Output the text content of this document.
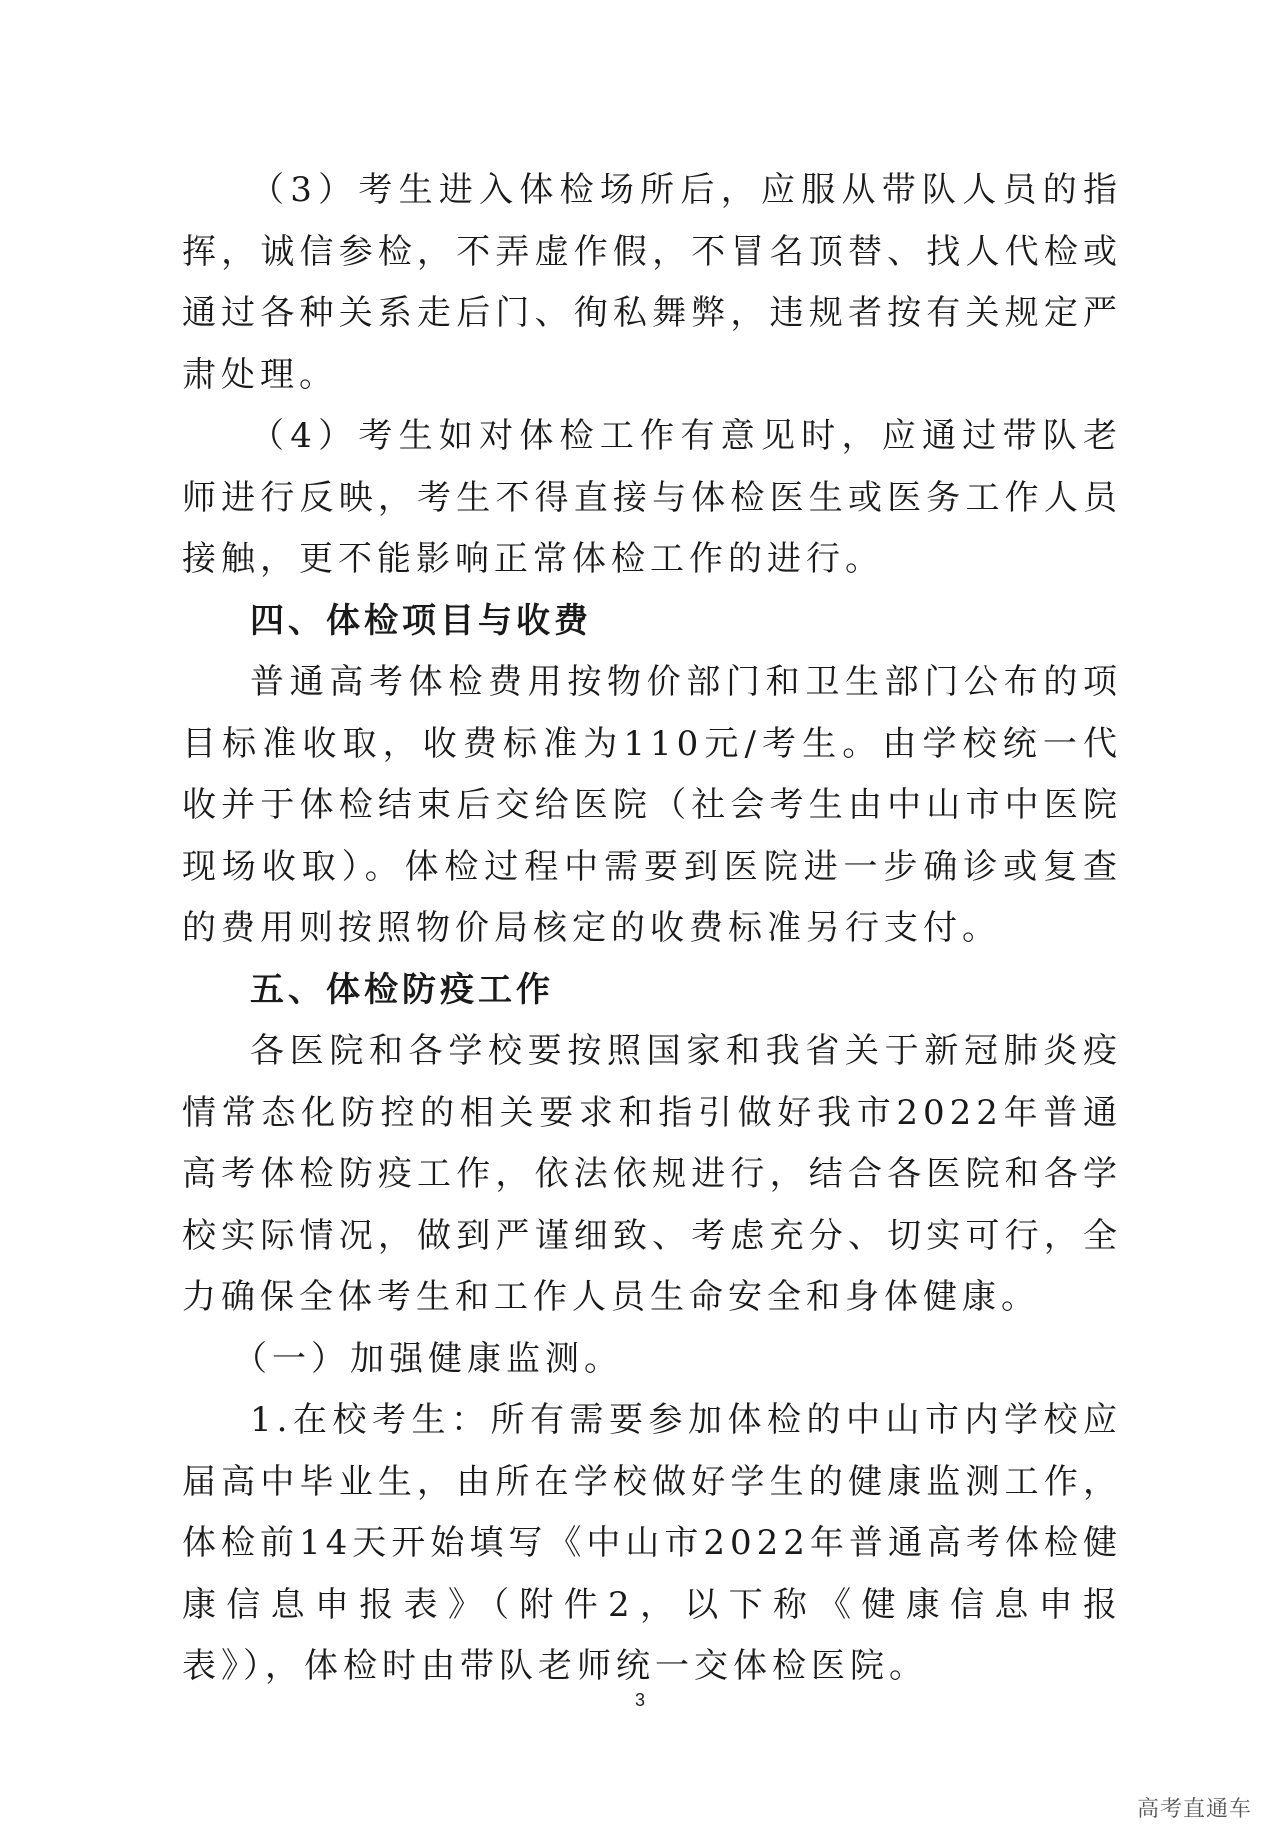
（3）考生进入体检场所后，应服从带队人员的指挥，诚信参检，不弄虚作假，不冒名顶替、找人代检或通过各种关系走后门、徇私舞弊，违规者按有关规定严肃处理。

（4）考生如对体检工作有意见时，应通过带队老师进行反映，考生不得直接与体检医生或医务工作人员接触，更不能影响正常体检工作的进行。

四、体检项目与收费

普通高考体检费用按物价部门和卫生部门公布的项目标准收取，收费标准为110元/考生。由学校统一代收并于体检结束后交给医院（社会考生由中山市中医院现场收取）。体检过程中需要到医院进一步确诊或复查的费用则按照物价局核定的收费标准另行支付。

五、体检防疫工作

各医院和各学校要按照国家和我省关于新冠肺炎疫情常态化防控的相关要求和指引做好我市2022年普通高考体检防疫工作，依法依规进行，结合各医院和各学校实际情况，做到严谨细致、考虑充分、切实可行，全力确保全体考生和工作人员生命安全和身体健康。

（一）加强健康监测。

1.在校考生：所有需要参加体检的中山市内学校应届高中毕业生，由所在学校做好学生的健康监测工作，体检前14天开始填写《中山市2022年普通高考体检健康信息申报表》（附件2，以下称《健康信息申报表》），体检时由带队老师统一交体检医院。

3
高考直通车
